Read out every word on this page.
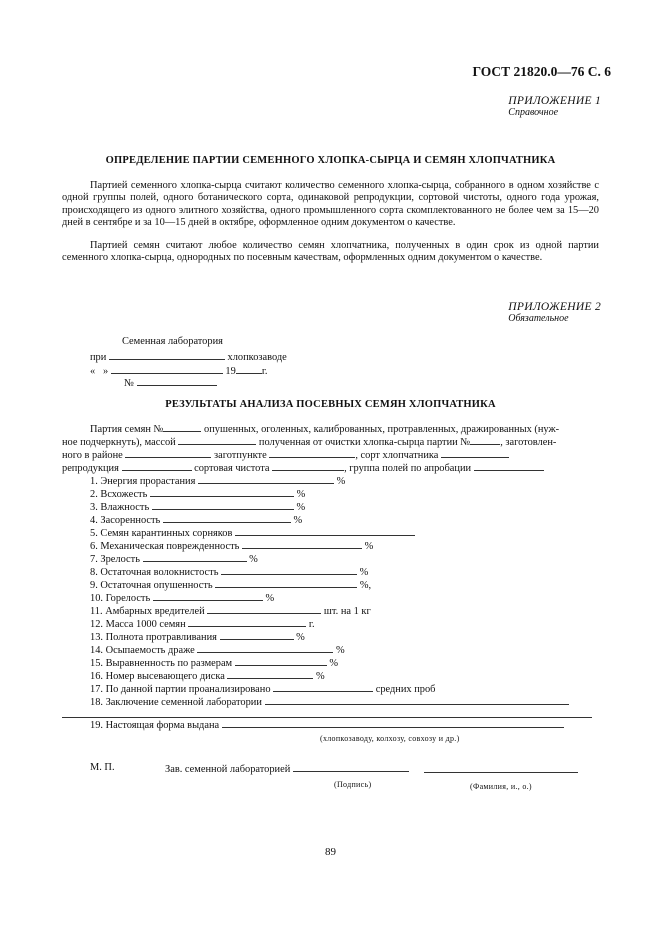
ГОСТ 21820.0—76 С. 6
ПРИЛОЖЕНИЕ 1
Справочное
ОПРЕДЕЛЕНИЕ ПАРТИИ СЕМЕННОГО ХЛОПКА-СЫРЦА И СЕМЯН ХЛОПЧАТНИКА
Партией семенного хлопка-сырца считают количество семенного хлопка-сырца, собранного в одном хозяйстве с одной группы полей, одного ботанического сорта, одинаковой репродукции, сортовой чистоты, одного года урожая, происходящего из одного элитного хозяйства, одного промышленного сорта скомплектованного не более чем за 15—20 дней в сентябре и за 10—15 дней в октябре, оформленное одним документом о качестве.
Партией семян считают любое количество семян хлопчатника, полученных в один срок из одной партии семенного хлопка-сырца, однородных по посевным качествам, оформленных одним документом о качестве.
ПРИЛОЖЕНИЕ 2
Обязательное
Семенная лаборатория
при	хлопкозаводе
« »	19	г.
№
РЕЗУЛЬТАТЫ АНАЛИЗА ПОСЕВНЫХ СЕМЯН ХЛОПЧАТНИКА
Партия семян №	опушенных, оголенных, калиброванных, протравленных, дражированных (нуж-
ное подчеркнуть), массой	полученная от очистки хлопка-сырца партии №	, заготовлен-
ного в районе	заготпункте	, сорт хлопчатника
репродукция	сортовая чистота	, группа полей по апробации
1. Энергия прорастания	%
2. Всхожесть	%
3. Влажность	%
4. Засоренность	%
5. Семян карантинных сорняков
6. Механическая поврежденность	%
7. Зрелость	%
8. Остаточная волокнистость	%
9. Остаточная опушенность	%,
10. Горелость	%
11. Амбарных вредителей	шт. на 1 кг
12. Масса 1000 семян	г.
13. Полнота протравливания	%
14. Осыпаемость драже	%
15. Выравненность по размерам	%
16. Номер высевающего диска	%
17. По данной партии проанализировано	средних проб
18. Заключение семенной лаборатории
19. Настоящая форма выдана
(хлопкозаводу, колхозу, совхозу и др.)
М. П.	Зав. семенной лабораторией
(Подпись)	(Фамилия, и., о.)
89
